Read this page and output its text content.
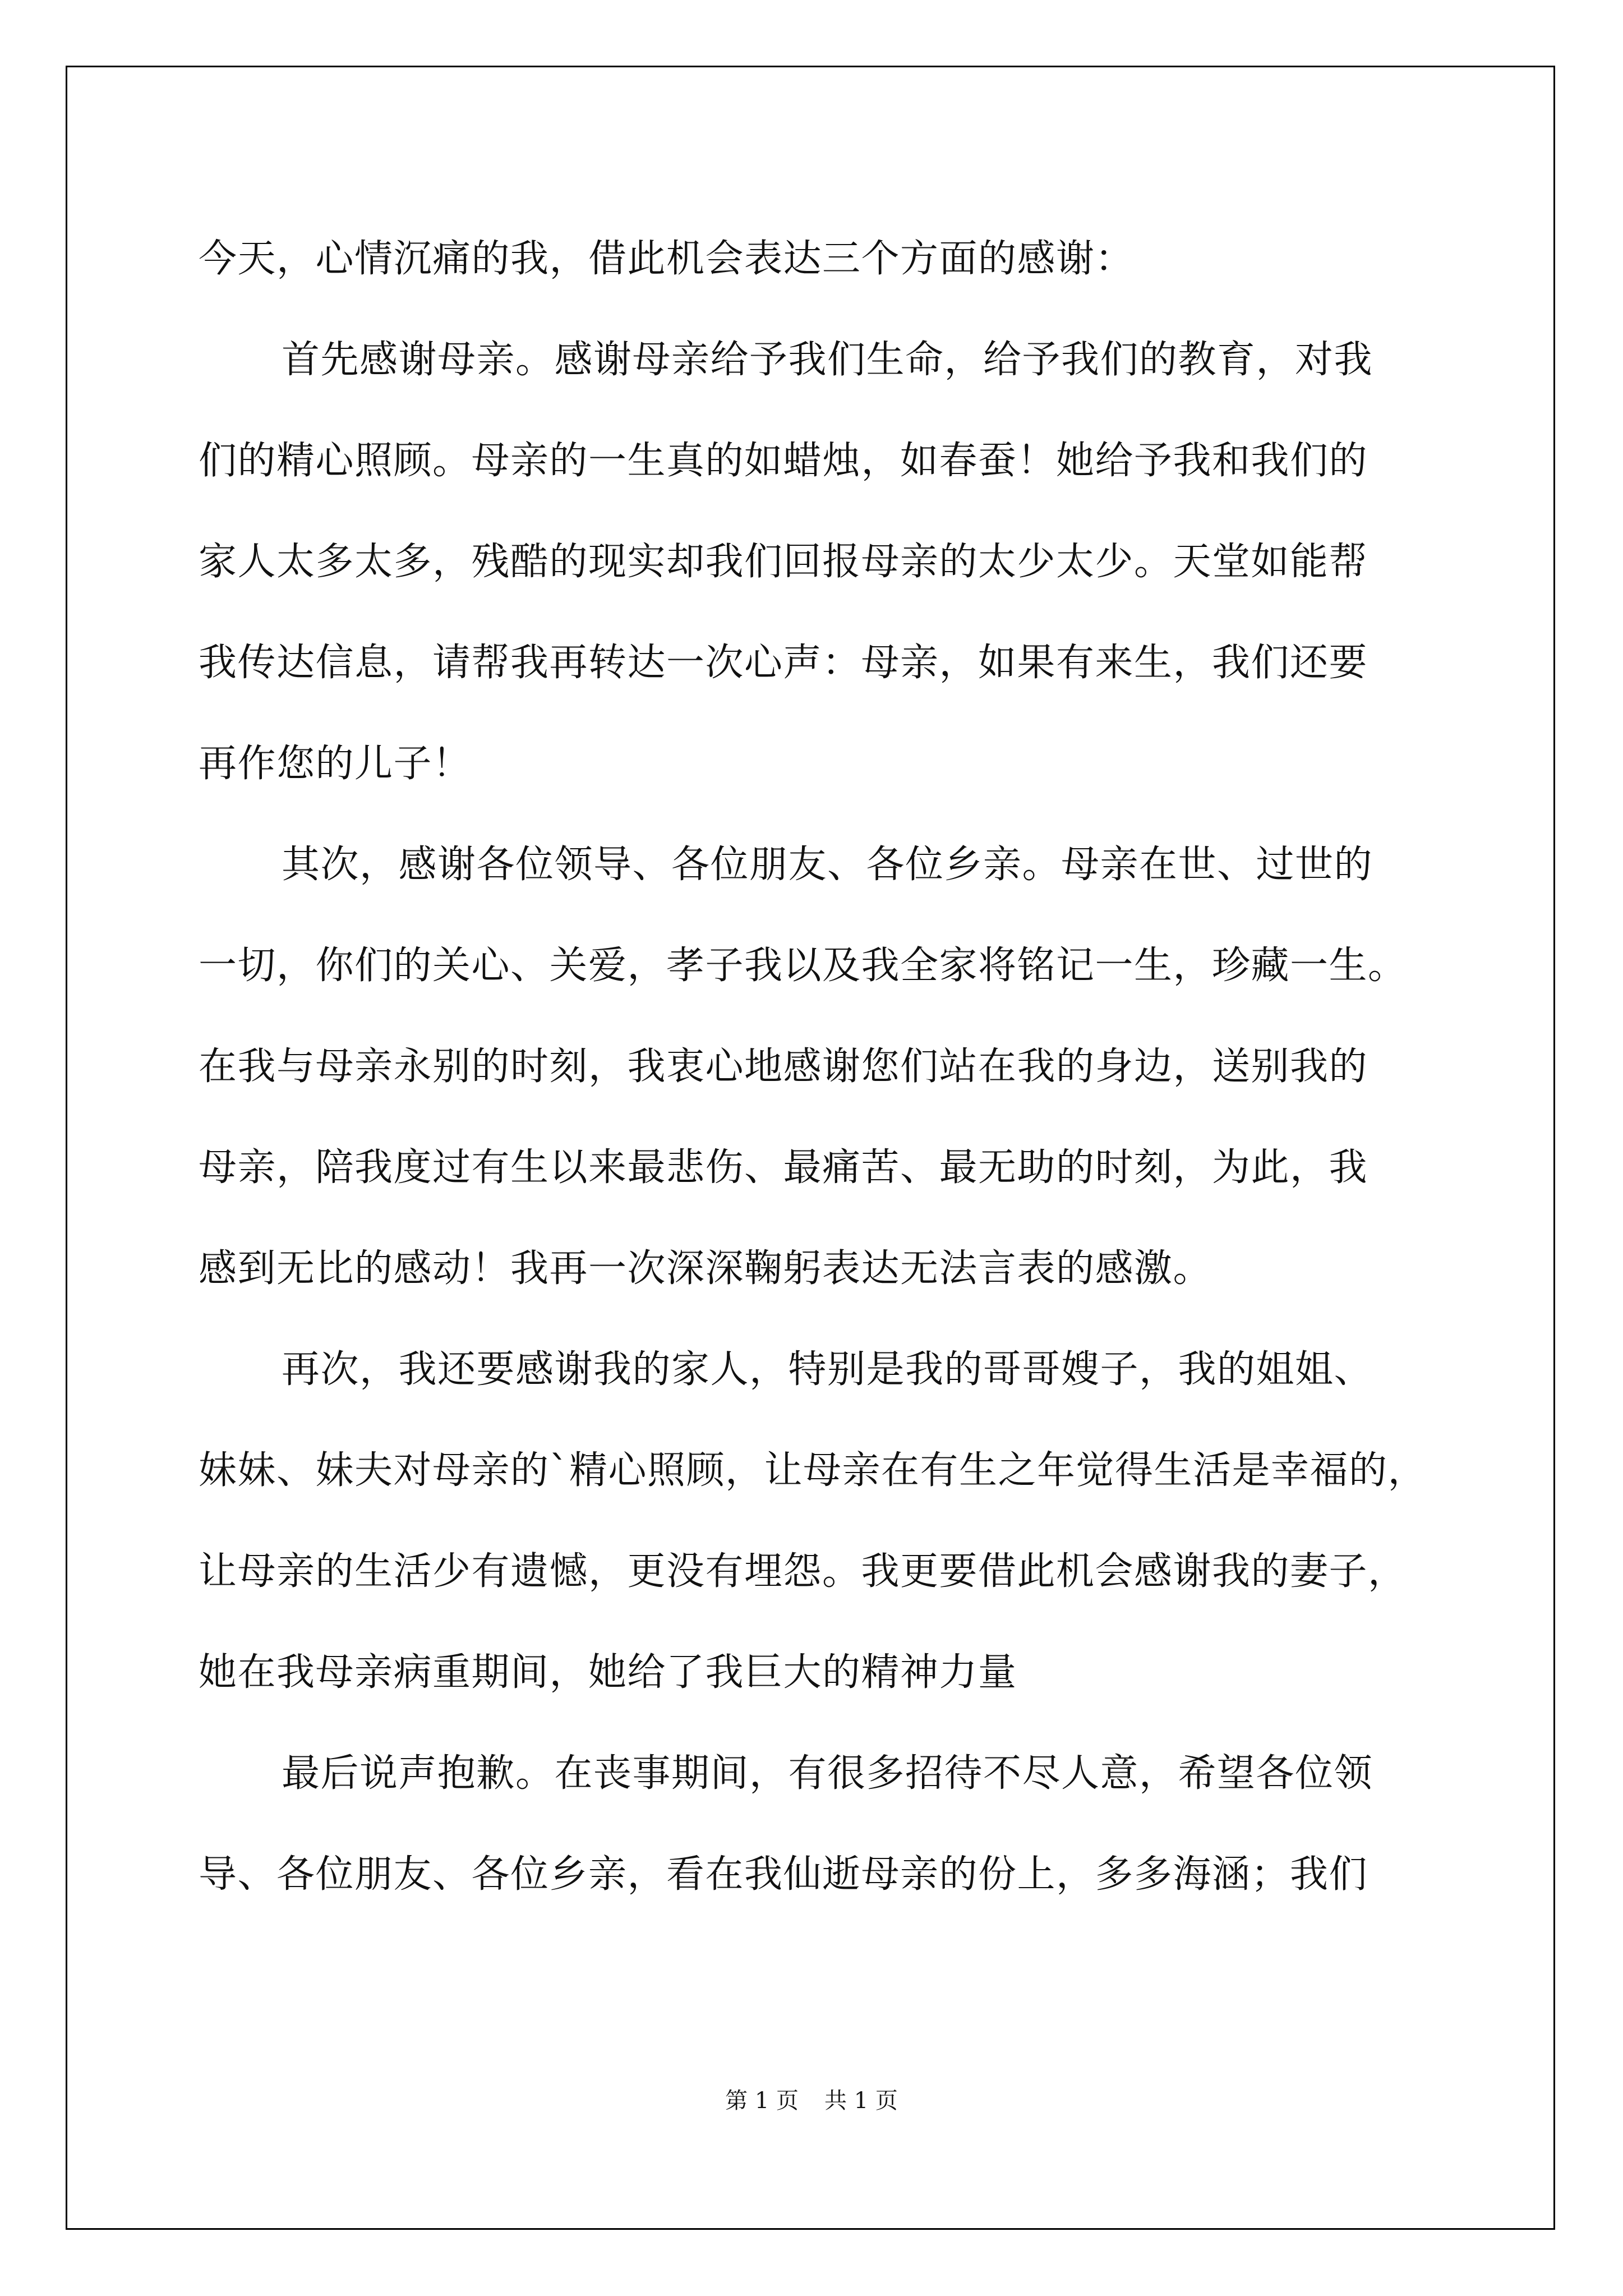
今天，心情沉痛的我，借此机会表达三个方面的感谢：
首先感谢母亲。感谢母亲给予我们生命，给予我们的教育，对我
们的精心照顾。母亲的一生真的如蜡烛，如春蚕！她给予我和我们的
家人太多太多，残酷的现实却我们回报母亲的太少太少。天堂如能帮
我传达信息，请帮我再转达一次心声：母亲，如果有来生，我们还要
再作您的儿子！
其次，感谢各位领导、各位朋友、各位乡亲。母亲在世、过世的
一切，你们的关心、关爱，孝子我以及我全家将铭记一生，珍藏一生。
在我与母亲永别的时刻，我衷心地感谢您们站在我的身边，送别我的
母亲，陪我度过有生以来最悲伤、最痛苦、最无助的时刻，为此，我
感到无比的感动！我再一次深深鞠躬表达无法言表的感激。
再次，我还要感谢我的家人，特别是我的哥哥嫂子，我的姐姐、
妹妹、妹夫对母亲的`精心照顾，让母亲在有生之年觉得生活是幸福的，
让母亲的生活少有遗憾，更没有埋怨。我更要借此机会感谢我的妻子，
她在我母亲病重期间，她给了我巨大的精神力量
最后说声抱歉。在丧事期间，有很多招待不尽人意，希望各位领
导、各位朋友、各位乡亲，看在我仙逝母亲的份上，多多海涵；我们
第 1 页 共 1 页
